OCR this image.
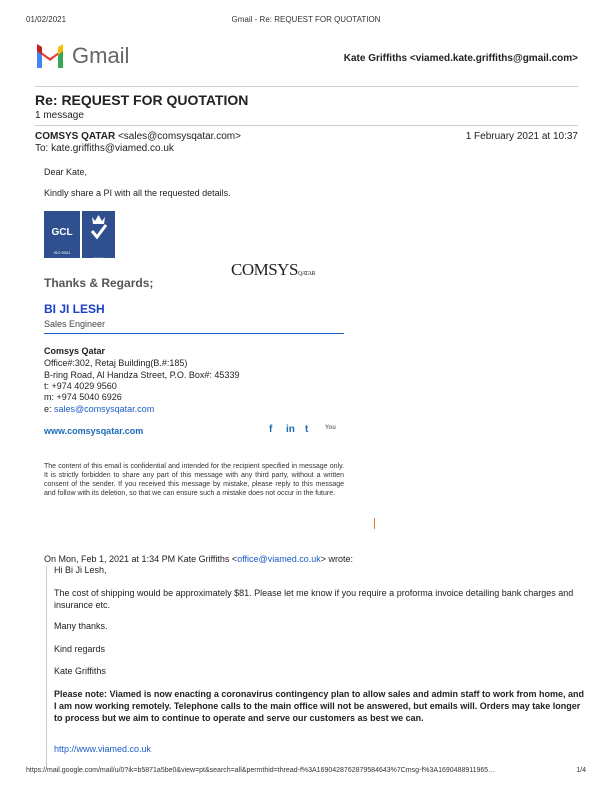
01/02/2021	Gmail - Re: REQUEST FOR QUOTATION
Gmail	Kate Griffiths <viamed.kate.griffiths@gmail.com>
Re: REQUEST FOR QUOTATION
1 message
COMSYS QATAR <sales@comsysqatar.com>	1 February 2021 at 10:37
To: kate.griffiths@viamed.co.uk
Dear Kate,
Kindly share a PI with all the requested details.
GCL
ISO 9001
2015
Thanks & Regards;
COMSYSQATAR
BI JI LESH
Sales Engineer
Comsys Qatar
Office#:302, Retaj Building(B.#:185)
B-ring Road, Al Handza Street, P.O. Box#: 45339
t: +974 4029 9560
m: +974 5040 6926
e: sales@comsysqatar.com
www.comsysqatar.com	f in t	You
The content of this email is confidential and intended for the recipient specified in message only. It is strictly forbidden to share any part of this message with any third party, without a written consent of the sender. If you received this message by mistake, please reply to this message and follow with its deletion, so that we can ensure such a mistake does not occur in the future.
On Mon, Feb 1, 2021 at 1:34 PM Kate Griffiths <office@viamed.co.uk> wrote:
Hi Bi Ji Lesh,
The cost of shipping would be approximately $81. Please let me know if you require a proforma invoice detailing bank charges and insurance etc.
Many thanks.
Kind regards
Kate Griffiths
Please note: Viamed is now enacting a coronavirus contingency plan to allow sales and admin staff to work from home, and I am now working remotely. Telephone calls to the main office will not be answered, but emails will. Orders may take longer to process but we aim to continue to operate and serve our customers as best we can.
http://www.viamed.co.uk
https://mail.google.com/mail/u/0?ik=b5871a5be0&view=pt&search=all&permthid=thread-f%3A1690428762879584643%7Cmsg-f%3A1690488911965…	1/4
